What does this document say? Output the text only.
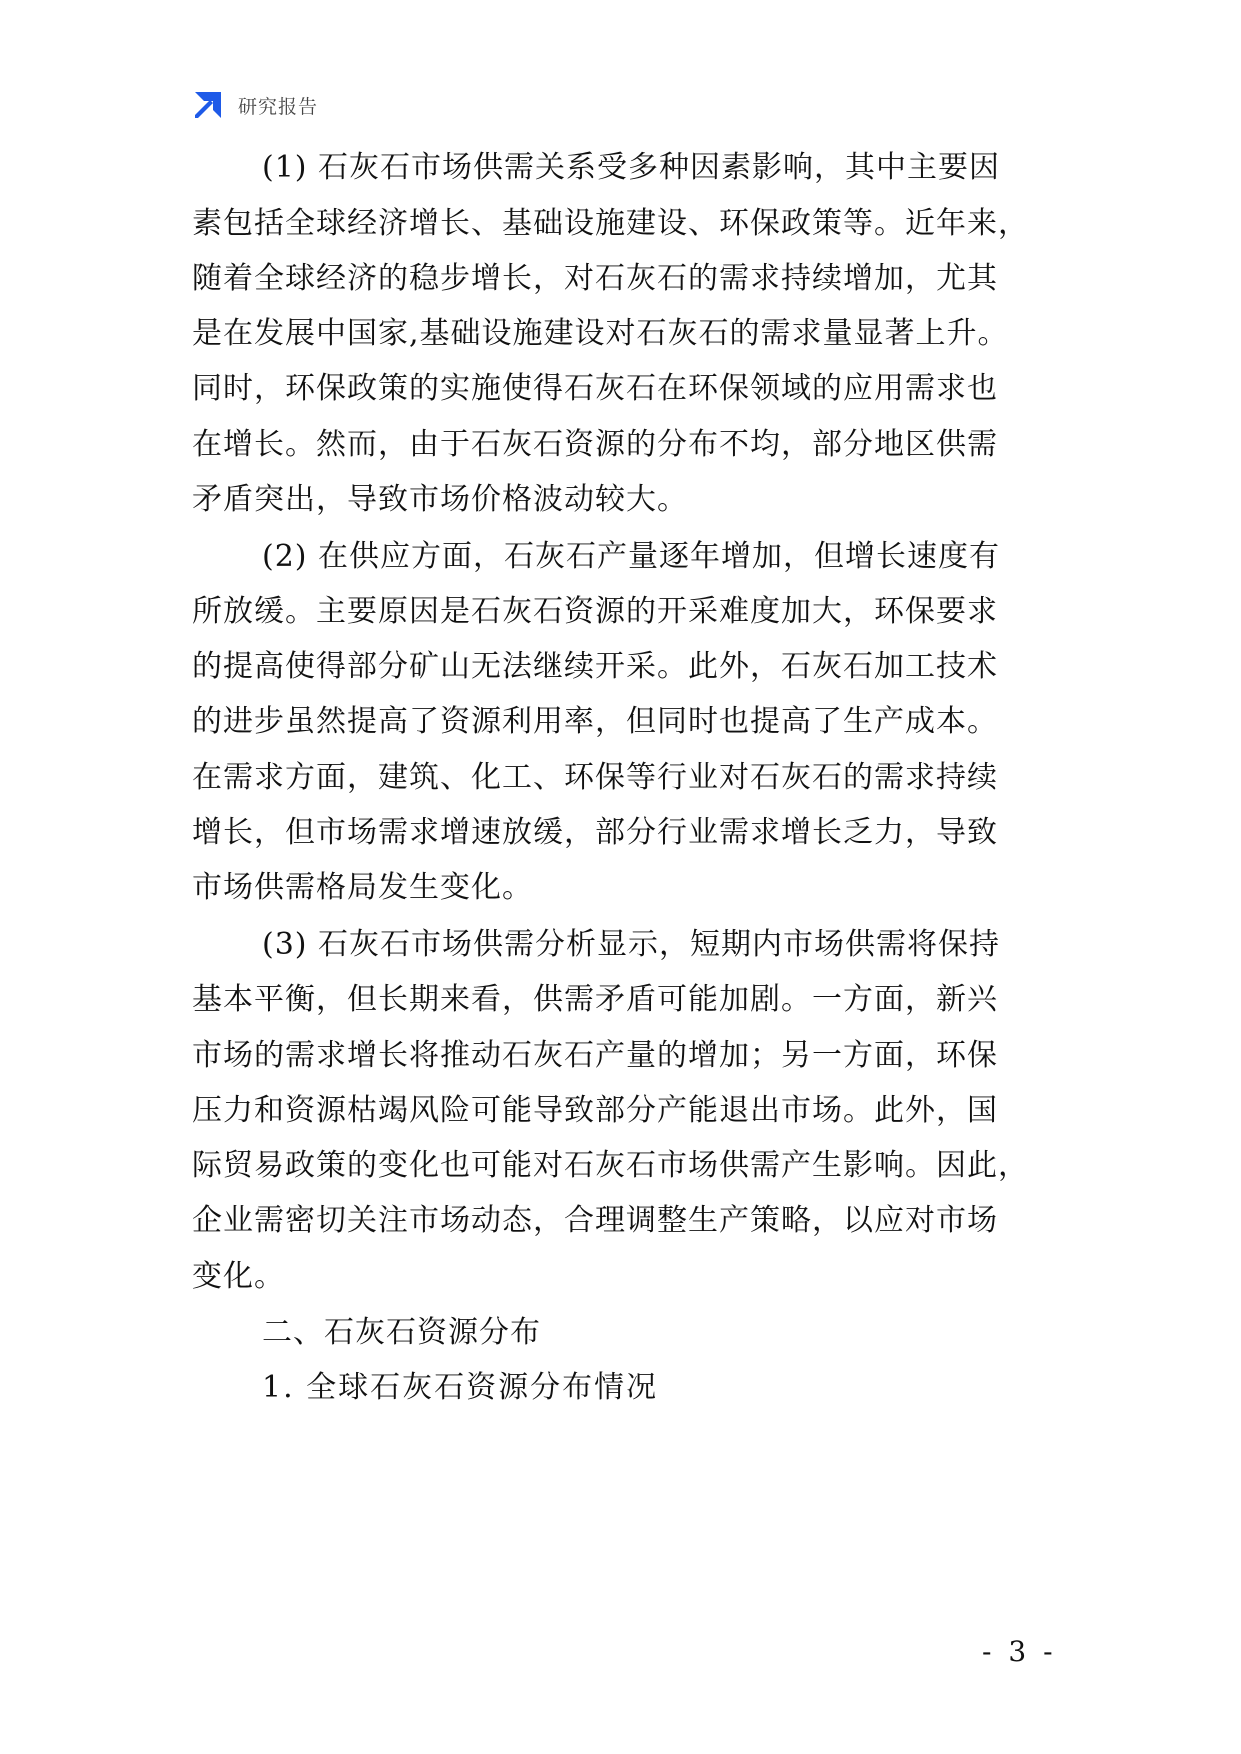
研究报告
(1) 石灰石市场供需关系受多种因素影响，其中主要因
素包括全球经济增长、基础设施建设、环保政策等。近年来，
随着全球经济的稳步增长，对石灰石的需求持续增加，尤其
是在发展中国家,基础设施建设对石灰石的需求量显著上升。
同时，环保政策的实施使得石灰石在环保领域的应用需求也
在增长。然而，由于石灰石资源的分布不均，部分地区供需
矛盾突出，导致市场价格波动较大。
(2) 在供应方面，石灰石产量逐年增加，但增长速度有
所放缓。主要原因是石灰石资源的开采难度加大，环保要求
的提高使得部分矿山无法继续开采。此外，石灰石加工技术
的进步虽然提高了资源利用率，但同时也提高了生产成本。
在需求方面，建筑、化工、环保等行业对石灰石的需求持续
增长，但市场需求增速放缓，部分行业需求增长乏力，导致
市场供需格局发生变化。
(3) 石灰石市场供需分析显示，短期内市场供需将保持
基本平衡，但长期来看，供需矛盾可能加剧。一方面，新兴
市场的需求增长将推动石灰石产量的增加；另一方面，环保
压力和资源枯竭风险可能导致部分产能退出市场。此外，国
际贸易政策的变化也可能对石灰石市场供需产生影响。因此，
企业需密切关注市场动态，合理调整生产策略，以应对市场
变化。
二、石灰石资源分布
1. 全球石灰石资源分布情况
- 3 -
